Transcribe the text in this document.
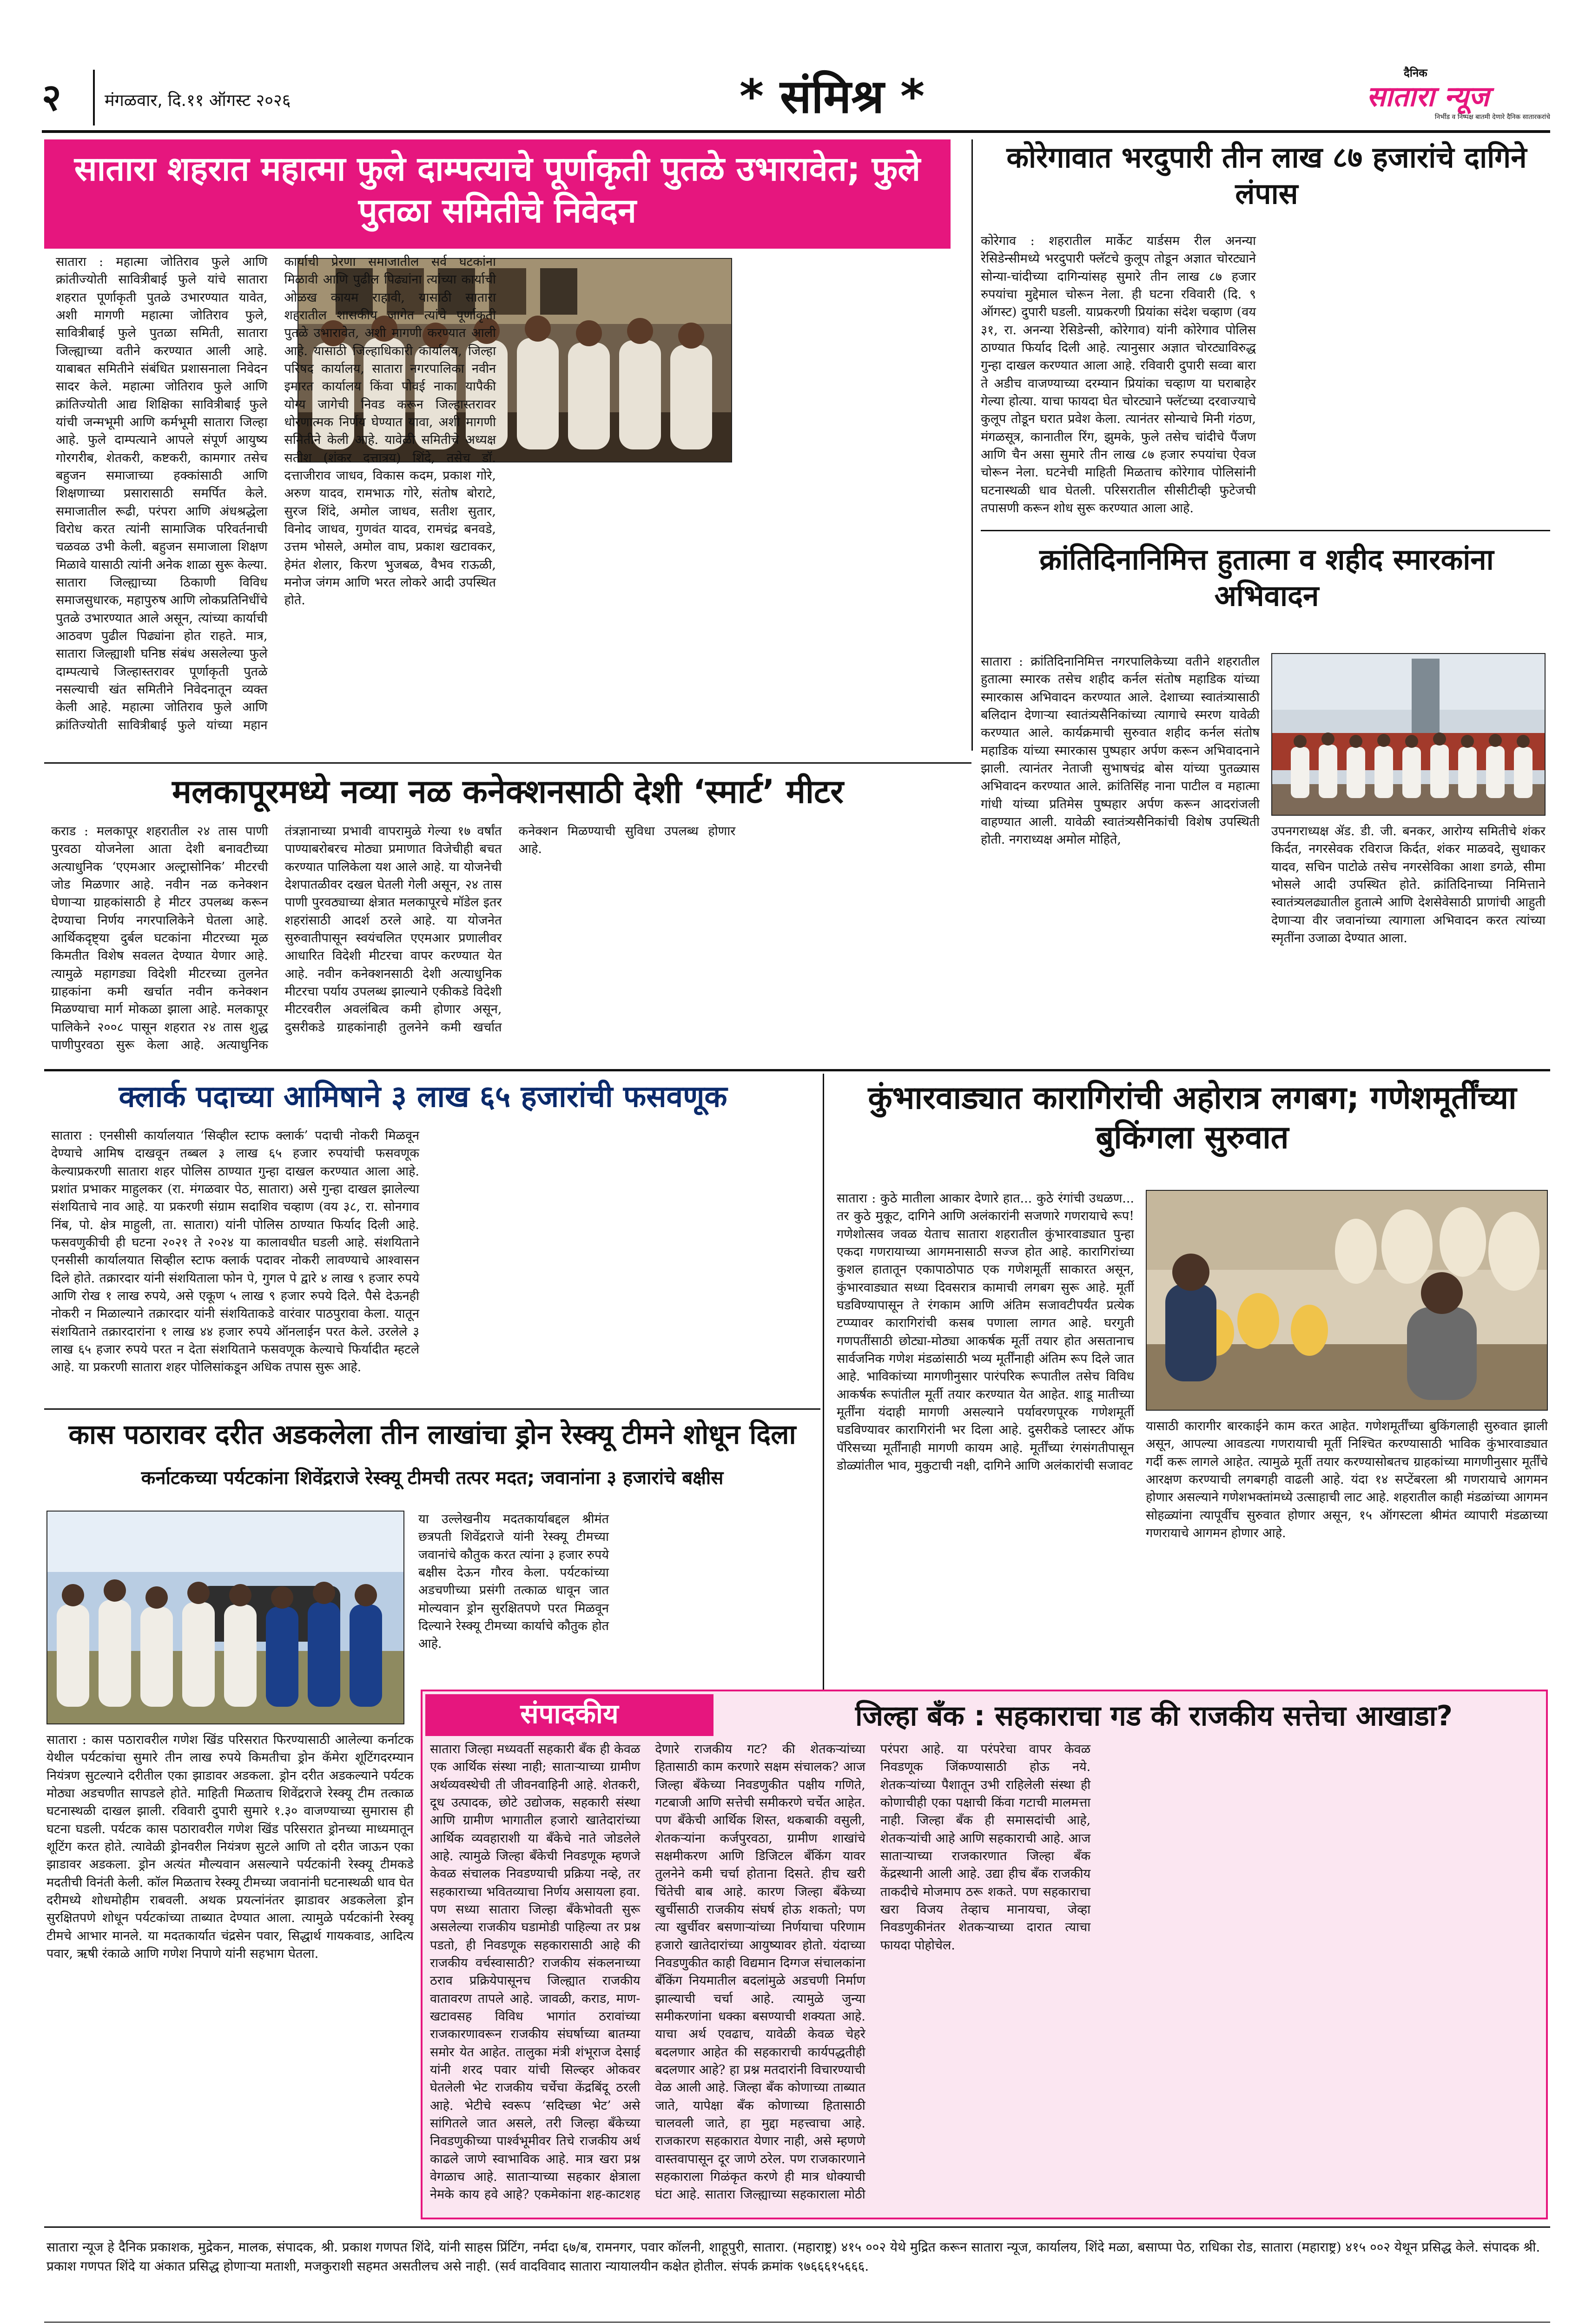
२	मंगळवार, दि.११ ऑगस्ट २०२६	* संमिश्र *	दैनिक
सातारा न्यूज
निर्भीड व निष्पक्ष बातमी देणारे दैनिक सातारकरांचे
सातारा शहरात महात्मा फुले दाम्पत्याचे पूर्णाकृती पुतळे उभारावेत; फुले पुतळा समितीचे निवेदन
सातारा : महात्मा जोतिराव फुले आणि क्रांतीज्योती सावित्रीबाई फुले यांचे सातारा शहरात पूर्णाकृती पुतळे उभारण्यात यावेत, अशी मागणी महात्मा जोतिराव फुले, सावित्रीबाई फुले पुतळा समिती, सातारा जिल्ह्याच्या वतीने करण्यात आली आहे. याबाबत समितीने संबंधित प्रशासनाला निवेदन सादर केले. महात्मा जोतिराव फुले आणि क्रांतिज्योती आद्य शिक्षिका सावित्रीबाई फुले यांची जन्मभूमी आणि कर्मभूमी सातारा जिल्हा आहे. फुले दाम्पत्याने आपले संपूर्ण आयुष्य गोरगरीब, शेतकरी, कष्टकरी, कामगार तसेच बहुजन समाजाच्या हक्कांसाठी आणि शिक्षणाच्या प्रसारासाठी समर्पित केले. समाजातील रूढी, परंपरा आणि अंधश्रद्धेला विरोध करत त्यांनी सामाजिक परिवर्तनाची चळवळ उभी केली. बहुजन समाजाला शिक्षण मिळावे यासाठी त्यांनी अनेक शाळा सुरू केल्या. सातारा जिल्ह्याच्या ठिकाणी विविध समाजसुधारक, महापुरुष आणि लोकप्रतिनिधींचे पुतळे उभारण्यात आले असून, त्यांच्या कार्याची आठवण पुढील पिढ्यांना होत राहते. मात्र, सातारा जिल्ह्याशी घनिष्ठ संबंध असलेल्या फुले दाम्पत्याचे जिल्हास्तरावर पूर्णाकृती पुतळे नसल्याची खंत समितीने निवेदनातून व्यक्त केली आहे. महात्मा जोतिराव फुले आणि क्रांतिज्योती सावित्रीबाई फुले यांच्या महान कार्याची प्रेरणा समाजातील सर्व घटकांना मिळावी आणि पुढील पिढ्यांना त्यांच्या कार्याची ओळख कायम राहावी, यासाठी सातारा शहरातील शासकीय जागेत त्यांचे पूर्णाकृती पुतळे उभारावेत, अशी मागणी करण्यात आली आहे. यासाठी जिल्हाधिकारी कार्यालय, जिल्हा परिषद कार्यालय, सातारा नगरपालिका नवीन इमारत कार्यालय किंवा पोवई नाका यापैकी योग्य जागेची निवड करून जिल्हास्तरावर धोरणात्मक निर्णय घेण्यात यावा, अशी मागणी समितीने केली आहे. यावेळी समितीचे अध्यक्ष सतीश (शंकर दत्तात्रय) शिंदे, तसेच डॉ. दत्ताजीराव जाधव, विकास कदम, प्रकाश गोरे, अरुण यादव, रामभाऊ गोरे, संतोष बोराटे, सुरज शिंदे, अमोल जाधव, सतीश सुतार, विनोद जाधव, गुणवंत यादव, रामचंद्र बनवडे, उत्तम भोसले, अमोल वाघ, प्रकाश खटावकर, हेमंत शेलार, किरण भुजबळ, वैभव राऊळी, मनोज जंगम आणि भरत लोकरे आदी उपस्थित होते.
कोरेगावात भरदुपारी तीन लाख ८७ हजारांचे दागिने लंपास
कोरेगाव : शहरातील मार्केट यार्डसम रील अनन्या रेसिडेन्सीमध्ये भरदुपारी फ्लॅटचे कुलूप तोडून अज्ञात चोरट्याने सोन्या-चांदीच्या दागिन्यांसह सुमारे तीन लाख ८७ हजार रुपयांचा मुद्देमाल चोरून नेला. ही घटना रविवारी (दि. ९ ऑगस्ट) दुपारी घडली. याप्रकरणी प्रियांका संदेश चव्हाण (वय ३१, रा. अनन्या रेसिडेन्सी, कोरेगाव) यांनी कोरेगाव पोलिस ठाण्यात फिर्याद दिली आहे. त्यानुसार अज्ञात चोरट्याविरुद्ध गुन्हा दाखल करण्यात आला आहे. रविवारी दुपारी सव्वा बारा ते अडीच वाजण्याच्या दरम्यान प्रियांका चव्हाण या घराबाहेर गेल्या होत्या. याचा फायदा घेत चोरट्याने फ्लॅटच्या दरवाज्याचे कुलूप तोडून घरात प्रवेश केला. त्यानंतर सोन्याचे मिनी गंठण, मंगळसूत्र, कानातील रिंग, झुमके, फुले तसेच चांदीचे पैंजण आणि चैन असा सुमारे तीन लाख ८७ हजार रुपयांचा ऐवज चोरून नेला. घटनेची माहिती मिळताच कोरेगाव पोलिसांनी घटनास्थळी धाव घेतली. परिसरातील सीसीटीव्ही फुटेजची तपासणी करून शोध सुरू करण्यात आला आहे.
क्रांतिदिनानिमित्त हुतात्मा व शहीद स्मारकांना अभिवादन
सातारा : क्रांतिदिनानिमित्त नगरपालिकेच्या वतीने शहरातील हुतात्मा स्मारक तसेच शहीद कर्नल संतोष महाडिक यांच्या स्मारकास अभिवादन करण्यात आले. देशाच्या स्वातंत्र्यासाठी बलिदान देणाऱ्या स्वातंत्र्यसैनिकांच्या त्यागाचे स्मरण यावेळी करण्यात आले. कार्यक्रमाची सुरुवात शहीद कर्नल संतोष महाडिक यांच्या स्मारकास पुष्पहार अर्पण करून अभिवादनाने झाली. त्यानंतर नेताजी सुभाषचंद्र बोस यांच्या पुतळ्यास अभिवादन करण्यात आले. क्रांतिसिंह नाना पाटील व महात्मा गांधी यांच्या प्रतिमेस पुष्पहार अर्पण करून आदरांजली वाहण्यात आली. यावेळी स्वातंत्र्यसैनिकांची विशेष उपस्थिती होती. नगराध्यक्ष अमोल मोहिते,
उपनगराध्यक्ष ॲड. डी. जी. बनकर, आरोग्य समितीचे शंकर किर्दत, नगरसेवक रविराज किर्दत, शंकर माळवदे, सुधाकर यादव, सचिन पाटोळे तसेच नगरसेविका आशा डगळे, सीमा भोसले आदी उपस्थित होते. क्रांतिदिनाच्या निमित्ताने स्वातंत्र्यलढ्यातील हुतात्मे आणि देशसेवेसाठी प्राणांची आहुती देणाऱ्या वीर जवानांच्या त्यागाला अभिवादन करत त्यांच्या स्मृतींना उजाळा देण्यात आला.
मलकापूरमध्ये नव्या नळ कनेक्शनसाठी देशी ‘स्मार्ट’ मीटर
कराड : मलकापूर शहरातील २४ तास पाणी पुरवठा योजनेला आता देशी बनावटीच्या अत्याधुनिक ‘एएमआर अल्ट्रासोनिक’ मीटरची जोड मिळणार आहे. नवीन नळ कनेक्शन घेणाऱ्या ग्राहकांसाठी हे मीटर उपलब्ध करून देण्याचा निर्णय नगरपालिकेने घेतला आहे. आर्थिकदृष्ट्या दुर्बल घटकांना मीटरच्या मूळ किमतीत विशेष सवलत देण्यात येणार आहे. त्यामुळे महागड्या विदेशी मीटरच्या तुलनेत ग्राहकांना कमी खर्चात नवीन कनेक्शन मिळण्याचा मार्ग मोकळा झाला आहे. मलकापूर पालिकेने २००८ पासून शहरात २४ तास शुद्ध पाणीपुरवठा सुरू केला आहे. अत्याधुनिक तंत्रज्ञानाच्या प्रभावी वापरामुळे गेल्या १७ वर्षांत पाण्याबरोबरच मोठ्या प्रमाणात विजेचीही बचत करण्यात पालिकेला यश आले आहे. या योजनेची देशपातळीवर दखल घेतली गेली असून, २४ तास पाणी पुरवठ्याच्या क्षेत्रात मलकापूरचे मॉडेल इतर शहरांसाठी आदर्श ठरले आहे. या योजनेत सुरुवातीपासून स्वयंचलित एएमआर प्रणालीवर आधारित विदेशी मीटरचा वापर करण्यात येत आहे. नवीन कनेक्शनसाठी देशी अत्याधुनिक मीटरचा पर्याय उपलब्ध झाल्याने एकीकडे विदेशी मीटरवरील अवलंबित्व कमी होणार असून, दुसरीकडे ग्राहकांनाही तुलनेने कमी खर्चात कनेक्शन मिळण्याची सुविधा उपलब्ध होणार आहे.
क्लार्क पदाच्या आमिषाने ३ लाख ६५ हजारांची फसवणूक
सातारा : एनसीसी कार्यालयात ‘सिव्हील स्टाफ क्लार्क’ पदाची नोकरी मिळवून देण्याचे आमिष दाखवून तब्बल ३ लाख ६५ हजार रुपयांची फसवणूक केल्याप्रकरणी सातारा शहर पोलिस ठाण्यात गुन्हा दाखल करण्यात आला आहे. प्रशांत प्रभाकर माहुलकर (रा. मंगळवार पेठ, सातारा) असे गुन्हा दाखल झालेल्या संशयिताचे नाव आहे. या प्रकरणी संग्राम सदाशिव चव्हाण (वय ३८, रा. सोनगाव निंब, पो. क्षेत्र माहुली, ता. सातारा) यांनी पोलिस ठाण्यात फिर्याद दिली आहे. फसवणुकीची ही घटना २०२१ ते २०२४ या कालावधीत घडली आहे. संशयिताने एनसीसी कार्यालयात सिव्हील स्टाफ क्लार्क पदावर नोकरी लावण्याचे आश्वासन दिले होते. तक्रारदार यांनी संशयिताला फोन पे, गुगल पे द्वारे ४ लाख ९ हजार रुपये आणि रोख १ लाख रुपये, असे एकूण ५ लाख ९ हजार रुपये दिले. पैसे देऊनही नोकरी न मिळाल्याने तक्रारदार यांनी संशयिताकडे वारंवार पाठपुरावा केला. यातून संशयिताने तक्रारदारांना १ लाख ४४ हजार रुपये ऑनलाईन परत केले. उरलेले ३ लाख ६५ हजार रुपये परत न देता संशयिताने फसवणूक केल्याचे फिर्यादीत म्हटले आहे. या प्रकरणी सातारा शहर पोलिसांकडून अधिक तपास सुरू आहे.
कुंभारवाड्यात कारागिरांची अहोरात्र लगबग; गणेशमूर्तींच्या बुकिंगला सुरुवात
सातारा : कुठे मातीला आकार देणारे हात... कुठे रंगांची उधळण... तर कुठे मुकूट, दागिने आणि अलंकारांनी सजणारे गणरायाचे रूप! गणेशोत्सव जवळ येताच सातारा शहरातील कुंभारवाड्यात पुन्हा एकदा गणरायाच्या आगमनासाठी सज्ज होत आहे. कारागिरांच्या कुशल हातातून एकापाठोपाठ एक गणेशमूर्ती साकारत असून, कुंभारवाड्यात सध्या दिवसरात्र कामाची लगबग सुरू आहे. मूर्ती घडविण्यापासून ते रंगकाम आणि अंतिम सजावटीपर्यंत प्रत्येक टप्प्यावर कारागिरांची कसब पणाला लागत आहे. घरगुती गणपतींसाठी छोट्या-मोठ्या आकर्षक मूर्ती तयार होत असतानाच सार्वजनिक गणेश मंडळांसाठी भव्य मूर्तींनाही अंतिम रूप दिले जात आहे. भाविकांच्या मागणीनुसार पारंपरिक रूपातील तसेच विविध आकर्षक रूपांतील मूर्ती तयार करण्यात येत आहेत. शाडू मातीच्या मूर्तींना यंदाही मागणी असल्याने पर्यावरणपूरक गणेशमूर्ती घडविण्यावर कारागिरांनी भर दिला आहे. दुसरीकडे प्लास्टर ऑफ पॅरिसच्या मूर्तींनाही मागणी कायम आहे. मूर्तींच्या रंगसंगतीपासून डोळ्यांतील भाव, मुकुटाची नक्षी, दागिने आणि अलंकारांची सजावट
यासाठी कारागीर बारकाईने काम करत आहेत. गणेशमूर्तींच्या बुकिंगलाही सुरुवात झाली असून, आपल्या आवडत्या गणरायाची मूर्ती निश्चित करण्यासाठी भाविक कुंभारवाड्यात गर्दी करू लागले आहेत. त्यामुळे मूर्ती तयार करण्यासोबतच ग्राहकांच्या मागणीनुसार मूर्तींचे आरक्षण करण्याची लगबगही वाढली आहे. यंदा १४ सप्टेंबरला श्री गणरायाचे आगमन होणार असल्याने गणेशभक्तांमध्ये उत्साहाची लाट आहे. शहरातील काही मंडळांच्या आगमन सोहळ्यांना त्यापूर्वीच सुरुवात होणार असून, १५ ऑगस्टला श्रीमंत व्यापारी मंडळाच्या गणरायाचे आगमन होणार आहे.
कास पठारावर दरीत अडकलेला तीन लाखांचा ड्रोन रेस्क्यू टीमने शोधून दिला
कर्नाटकच्या पर्यटकांना शिवेंद्रराजे रेस्क्यू टीमची तत्पर मदत; जवानांना ३ हजारांचे बक्षीस
या उल्लेखनीय मदतकार्याबद्दल श्रीमंत छत्रपती शिवेंद्रराजे यांनी रेस्क्यू टीमच्या जवानांचे कौतुक करत त्यांना ३ हजार रुपये बक्षीस देऊन गौरव केला. पर्यटकांच्या अडचणीच्या प्रसंगी तत्काळ धावून जात मोल्यवान ड्रोन सुरक्षितपणे परत मिळवून दिल्याने रेस्क्यू टीमच्या कार्याचे कौतुक होत आहे.
सातारा : कास पठारावरील गणेश खिंड परिसरात फिरण्यासाठी आलेल्या कर्नाटक येथील पर्यटकांचा सुमारे तीन लाख रुपये किमतीचा ड्रोन कॅमेरा शूटिंगदरम्यान नियंत्रण सुटल्याने दरीतील एका झाडावर अडकला. ड्रोन दरीत अडकल्याने पर्यटक मोठ्या अडचणीत सापडले होते. माहिती मिळताच शिवेंद्रराजे रेस्क्यू टीम तत्काळ घटनास्थळी दाखल झाली. रविवारी दुपारी सुमारे १.३० वाजण्याच्या सुमारास ही घटना घडली. पर्यटक कास पठारावरील गणेश खिंड परिसरात ड्रोनच्या माध्यमातून शूटिंग करत होते. त्यावेळी ड्रोनवरील नियंत्रण सुटले आणि तो दरीत जाऊन एका झाडावर अडकला. ड्रोन अत्यंत मौल्यवान असल्याने पर्यटकांनी रेस्क्यू टीमकडे मदतीची विनंती केली. कॉल मिळताच रेस्क्यू टीमच्या जवानांनी घटनास्थळी धाव घेत दरीमध्ये शोधमोहीम राबवली. अथक प्रयत्नांनंतर झाडावर अडकलेला ड्रोन सुरक्षितपणे शोधून पर्यटकांच्या ताब्यात देण्यात आला. त्यामुळे पर्यटकांनी रेस्क्यू टीमचे आभार मानले. या मदतकार्यात चंद्रसेन पवार, सिद्धार्थ गायकवाड, आदित्य पवार, ऋषी रंकाळे आणि गणेश निपाणे यांनी सहभाग घेतला.
संपादकीय	जिल्हा बँक : सहकाराचा गड की राजकीय सत्तेचा आखाडा?
सातारा जिल्हा मध्यवर्ती सहकारी बँक ही केवळ एक आर्थिक संस्था नाही; साताऱ्याच्या ग्रामीण अर्थव्यवस्थेची ती जीवनवाहिनी आहे. शेतकरी, दूध उत्पादक, छोटे उद्योजक, सहकारी संस्था आणि ग्रामीण भागातील हजारो खातेदारांच्या आर्थिक व्यवहाराशी या बँकेचे नाते जोडलेले आहे. त्यामुळे जिल्हा बँकेची निवडणूक म्हणजे केवळ संचालक निवडण्याची प्रक्रिया नव्हे, तर सहकाराच्या भवितव्याचा निर्णय असायला हवा. पण सध्या सातारा जिल्हा बँकेभोवती सुरू असलेल्या राजकीय घडामोडी पाहिल्या तर प्रश्न पडतो, ही निवडणूक सहकारासाठी आहे की राजकीय वर्चस्वासाठी? राजकीय संकलनाच्या ठराव प्रक्रियेपासूनच जिल्ह्यात राजकीय वातावरण तापले आहे. जावळी, कराड, माण-खटावसह विविध भागांत ठरावांच्या राजकारणावरून राजकीय संघर्षाच्या बातम्या समोर येत आहेत. तालुका मंत्री शंभूराज देसाई यांनी शरद पवार यांची सिल्व्हर ओकवर घेतलेली भेट राजकीय चर्चेचा केंद्रबिंदू ठरली आहे. भेटीचे स्वरूप ‘सदिच्छा भेट’ असे सांगितले जात असले, तरी जिल्हा बँकेच्या निवडणुकीच्या पार्श्वभूमीवर तिचे राजकीय अर्थ काढले जाणे स्वाभाविक आहे. मात्र खरा प्रश्न वेगळाच आहे. साताऱ्याच्या सहकार क्षेत्राला नेमके काय हवे आहे? एकमेकांना शह-काटशह देणारे राजकीय गट? की शेतकऱ्यांच्या हितासाठी काम करणारे सक्षम संचालक? आज जिल्हा बँकेच्या निवडणुकीत पक्षीय गणिते, गटबाजी आणि सत्तेची समीकरणे चर्चेत आहेत. पण बँकेची आर्थिक शिस्त, थकबाकी वसुली, शेतकऱ्यांना कर्जपुरवठा, ग्रामीण शाखांचे सक्षमीकरण आणि डिजिटल बँकिंग यावर तुलनेने कमी चर्चा होताना दिसते. हीच खरी चिंतेची बाब आहे. कारण जिल्हा बँकेच्या खुर्चीसाठी राजकीय संघर्ष होऊ शकतो; पण त्या खुर्चीवर बसणाऱ्यांच्या निर्णयाचा परिणाम हजारो खातेदारांच्या आयुष्यावर होतो. यंदाच्या निवडणुकीत काही विद्यमान दिग्गज संचालकांना बँकिंग नियमातील बदलांमुळे अडचणी निर्माण झाल्याची चर्चा आहे. त्यामुळे जुन्या समीकरणांना धक्का बसण्याची शक्यता आहे. याचा अर्थ एवढाच, यावेळी केवळ चेहरे बदलणार आहेत की सहकाराची कार्यपद्धतीही बदलणार आहे? हा प्रश्न मतदारांनी विचारण्याची वेळ आली आहे. जिल्हा बँक कोणाच्या ताब्यात जाते, यापेक्षा बँक कोणाच्या हितासाठी चालवली जाते, हा मुद्दा महत्त्वाचा आहे. राजकारण सहकारात येणार नाही, असे म्हणणे वास्तवापासून दूर जाणे ठरेल. पण राजकारणाने सहकाराला गिळंकृत करणे ही मात्र धोक्याची घंटा आहे. सातारा जिल्ह्याच्या सहकाराला मोठी परंपरा आहे. या परंपरेचा वापर केवळ निवडणूक जिंकण्यासाठी होऊ नये. शेतकऱ्यांच्या पैशातून उभी राहिलेली संस्था ही कोणाचीही एका पक्षाची किंवा गटाची मालमत्ता नाही. जिल्हा बँक ही समासदांची आहे, शेतकऱ्यांची आहे आणि सहकाराची आहे. आज साताऱ्याच्या राजकारणात जिल्हा बँक केंद्रस्थानी आली आहे. उद्या हीच बँक राजकीय ताकदीचे मोजमाप ठरू शकते. पण सहकाराचा खरा विजय तेव्हाच मानायचा, जेव्हा निवडणुकीनंतर शेतकऱ्याच्या दारात त्याचा फायदा पोहोचेल.
सातारा न्यूज हे दैनिक प्रकाशक, मुद्रेकन, मालक, संपादक, श्री. प्रकाश गणपत शिंदे, यांनी साहस प्रिंटिंग, नर्मदा ६७/ब, रामनगर, पवार कॉलनी, शाहूपुरी, सातारा. (महाराष्ट्र) ४१५ ००२ येथे मुद्रित करून सातारा न्यूज, कार्यालय, शिंदे मळा, बसाप्पा पेठ, राधिका रोड, सातारा (महाराष्ट्र) ४१५ ००२ येथून प्रसिद्ध केले. संपादक श्री. प्रकाश गणपत शिंदे या अंकात प्रसिद्ध होणाऱ्या मताशी, मजकुराशी सहमत असतीलच असे नाही. (सर्व वादविवाद सातारा न्यायालयीन कक्षेत होतील. संपर्क क्रमांक ९७६६६१५६६६.
